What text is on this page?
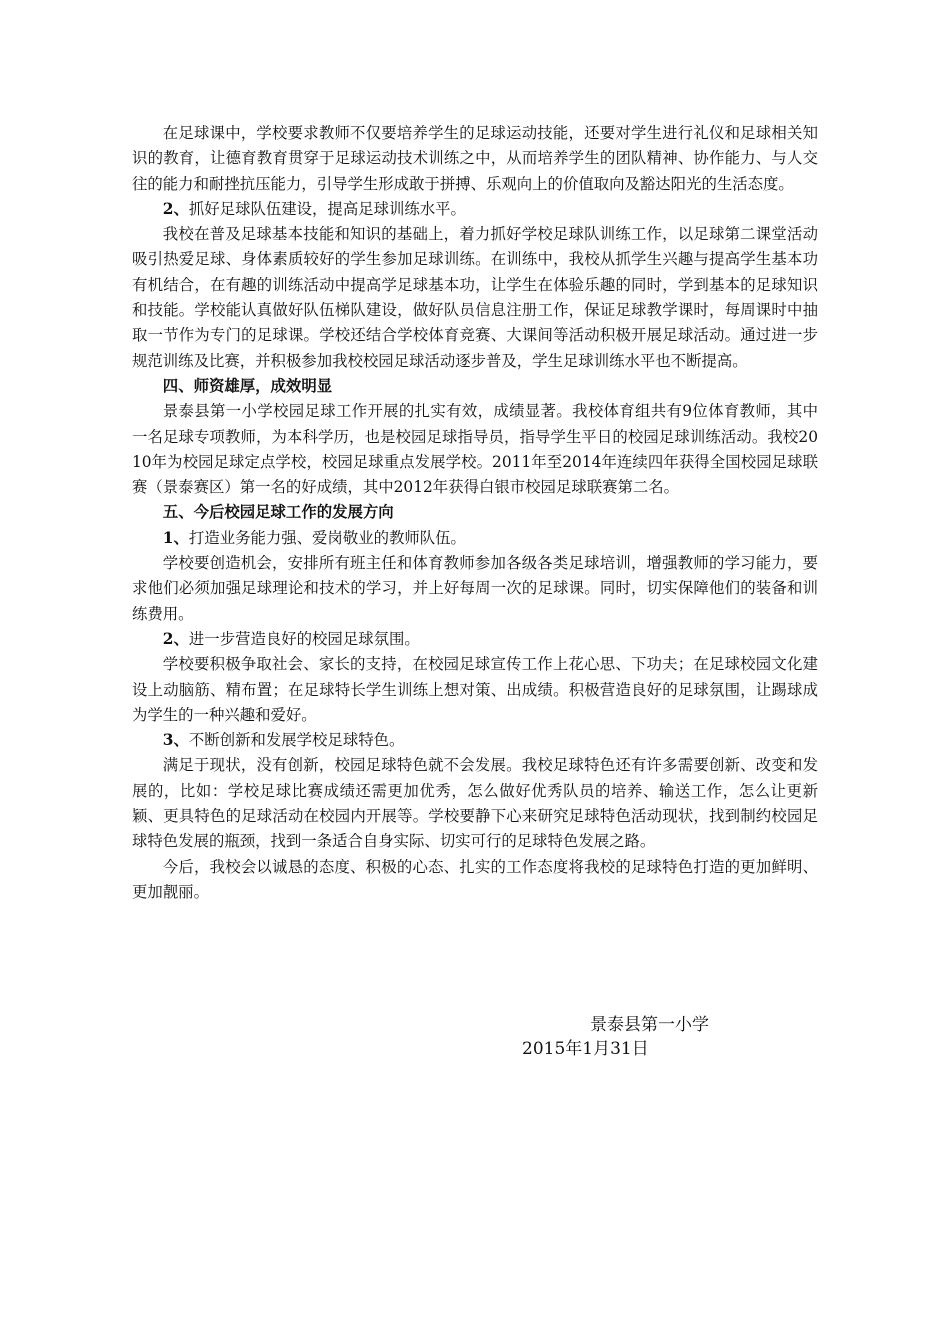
在足球课中，学校要求教师不仅要培养学生的足球运动技能，还要对学生进行礼仪和足球相关知识的教育，让德育教育贯穿于足球运动技术训练之中，从而培养学生的团队精神、协作能力、与人交往的能力和耐挫抗压能力，引导学生形成敢于拼搏、乐观向上的价值取向及豁达阳光的生活态度。

2、抓好足球队伍建设，提高足球训练水平。

我校在普及足球基本技能和知识的基础上，着力抓好学校足球队训练工作，以足球第二课堂活动吸引热爱足球、身体素质较好的学生参加足球训练。在训练中，我校从抓学生兴趣与提高学生基本功有机结合，在有趣的训练活动中提高学足球基本功，让学生在体验乐趣的同时，学到基本的足球知识和技能。学校能认真做好队伍梯队建设，做好队员信息注册工作，保证足球教学课时，每周课时中抽取一节作为专门的足球课。学校还结合学校体育竞赛、大课间等活动积极开展足球活动。通过进一步规范训练及比赛，并积极参加我校校园足球活动逐步普及，学生足球训练水平也不断提高。

四、师资雄厚，成效明显

景泰县第一小学校园足球工作开展的扎实有效，成绩显著。我校体育组共有9位体育教师，其中一名足球专项教师，为本科学历，也是校园足球指导员，指导学生平日的校园足球训练活动。我校2010年为校园足球定点学校，校园足球重点发展学校。2011年至2014年连续四年获得全国校园足球联赛（景泰赛区）第一名的好成绩，其中2012年获得白银市校园足球联赛第二名。

五、今后校园足球工作的发展方向

1、打造业务能力强、爱岗敬业的教师队伍。

学校要创造机会，安排所有班主任和体育教师参加各级各类足球培训，增强教师的学习能力，要求他们必须加强足球理论和技术的学习，并上好每周一次的足球课。同时，切实保障他们的装备和训练费用。

2、进一步营造良好的校园足球氛围。

学校要积极争取社会、家长的支持，在校园足球宣传工作上花心思、下功夫；在足球校园文化建设上动脑筋、精布置；在足球特长学生训练上想对策、出成绩。积极营造良好的足球氛围，让踢球成为学生的一种兴趣和爱好。

3、不断创新和发展学校足球特色。

满足于现状，没有创新，校园足球特色就不会发展。我校足球特色还有许多需要创新、改变和发展的，比如：学校足球比赛成绩还需更加优秀，怎么做好优秀队员的培养、输送工作，怎么让更新颖、更具特色的足球活动在校园内开展等。学校要静下心来研究足球特色活动现状，找到制约校园足球特色发展的瓶颈，找到一条适合自身实际、切实可行的足球特色发展之路。

今后，我校会以诚恳的态度、积极的心态、扎实的工作态度将我校的足球特色打造的更加鲜明、更加靓丽。

景泰县第一小学
2015年1月31日
